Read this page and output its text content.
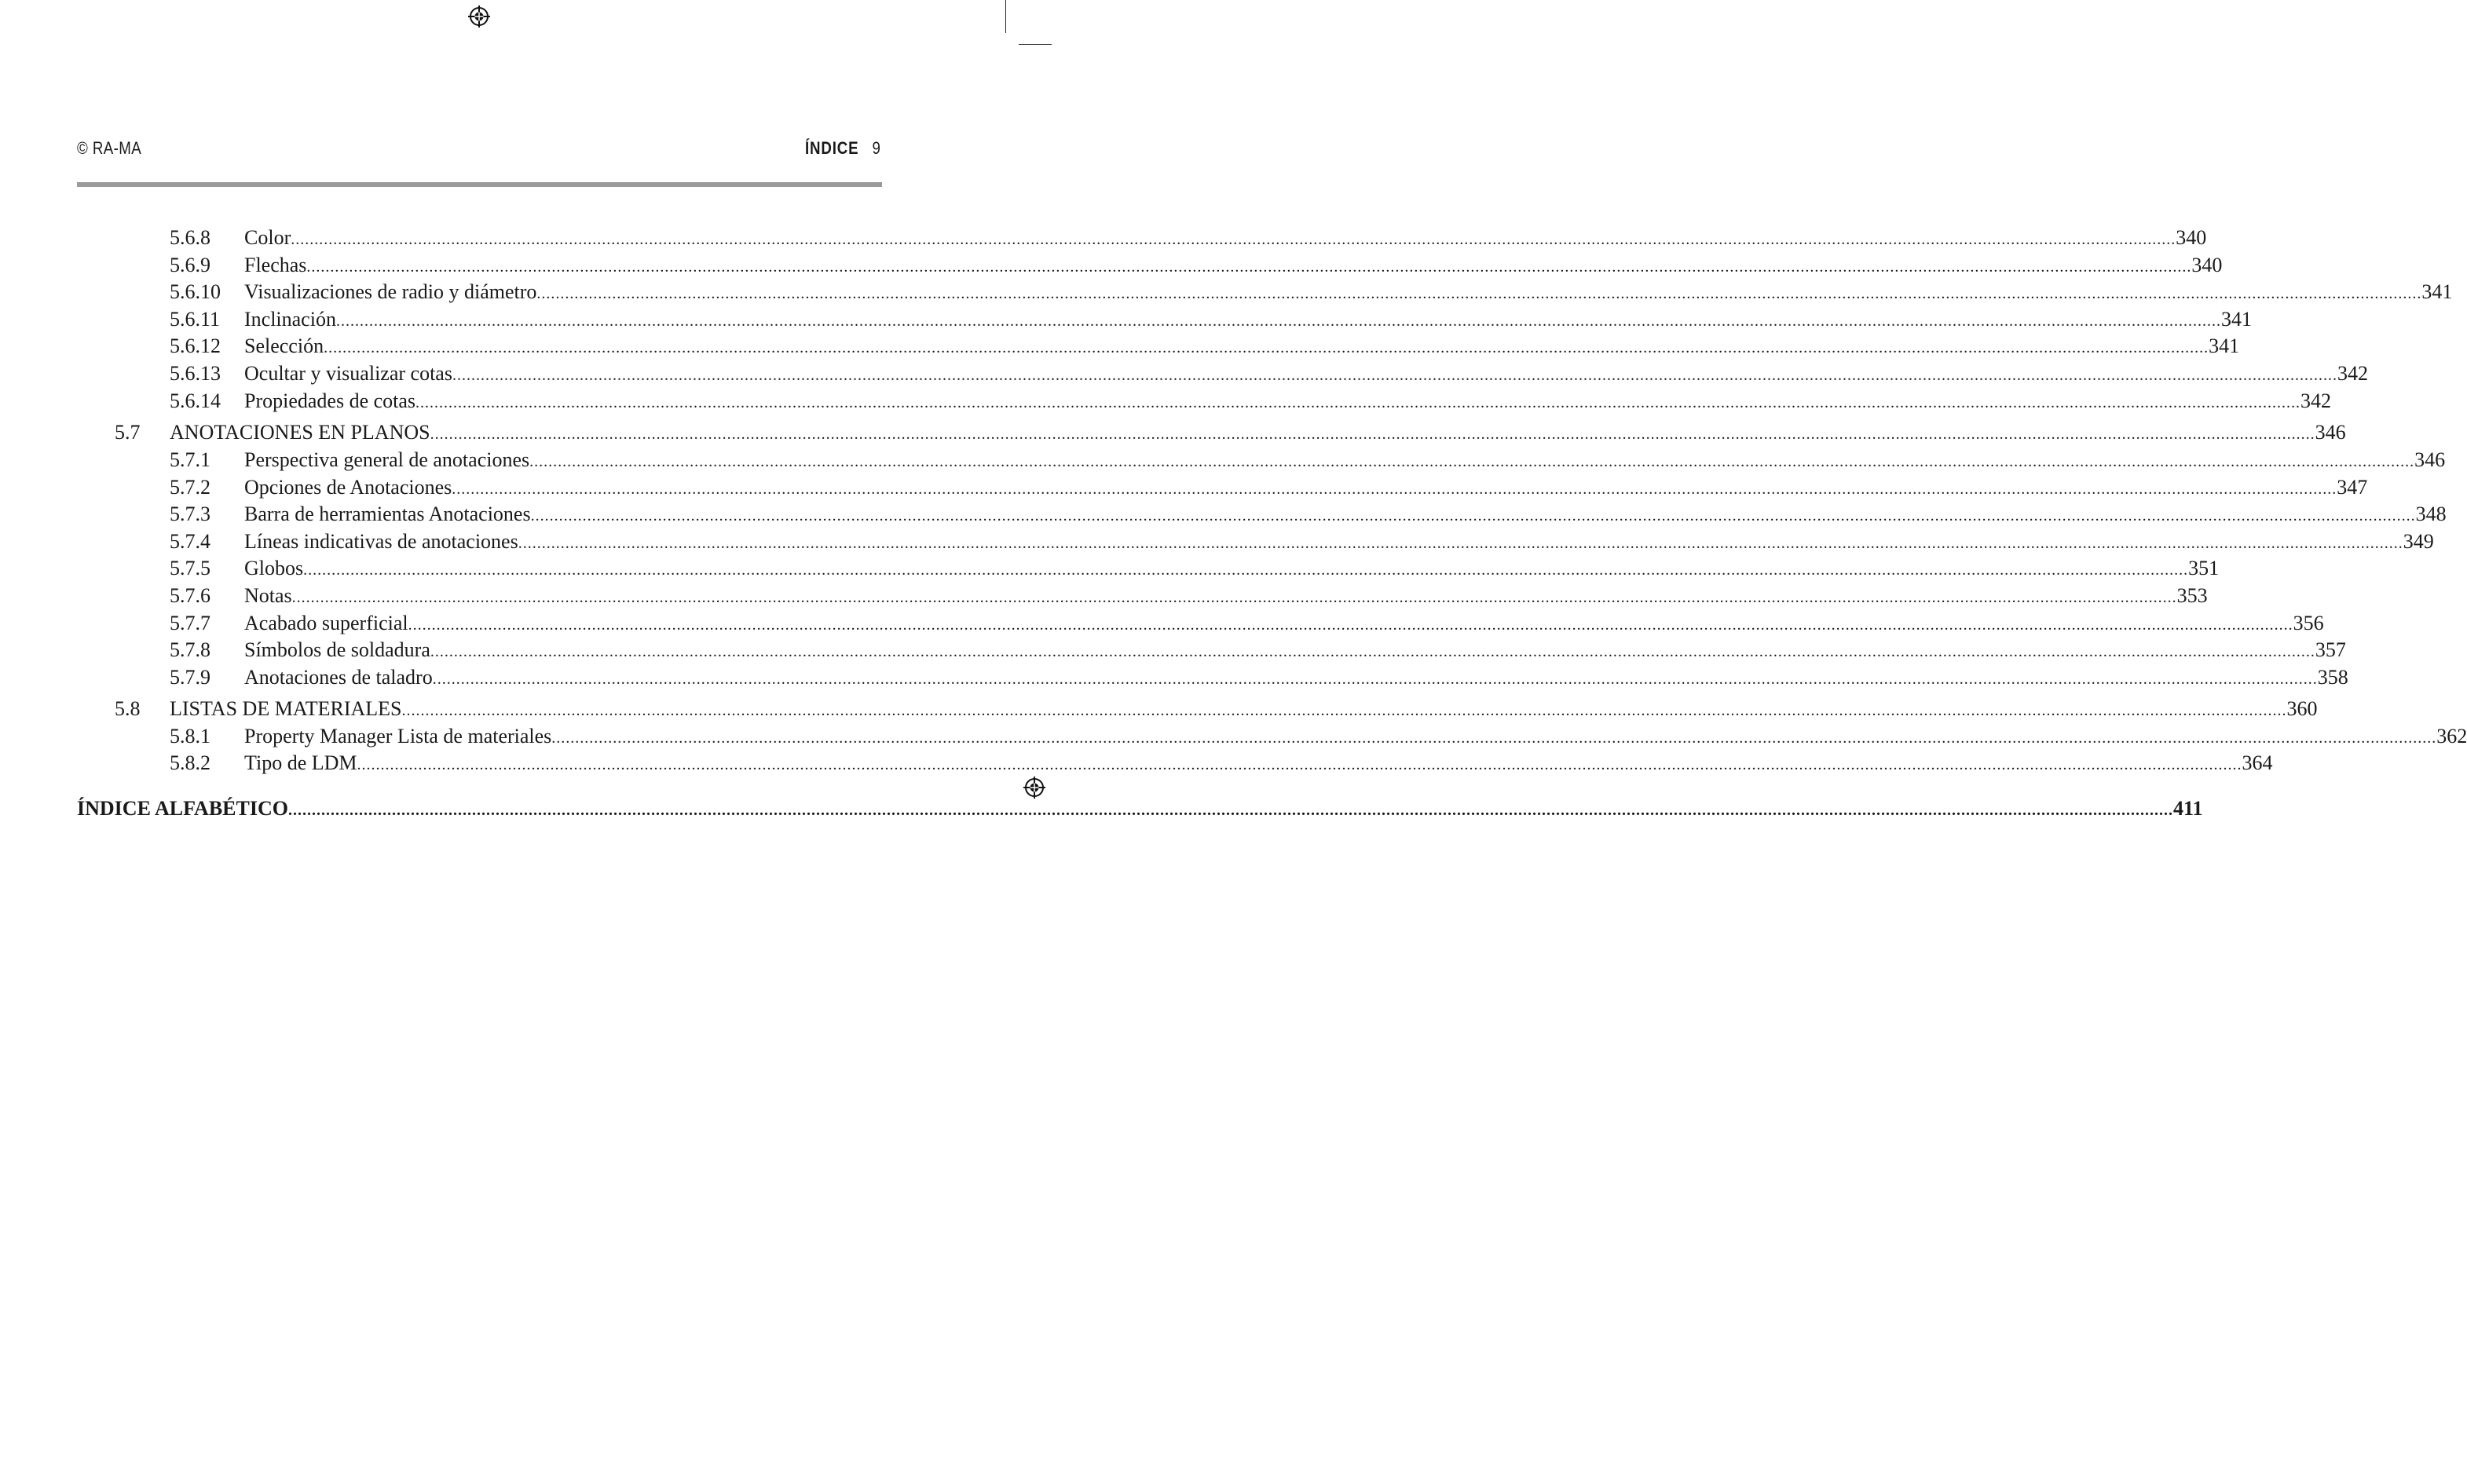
© RA-MA	ÍNDICE 9
5.6.8 Color ................................................................................................................................................................................................................................................................................................................................................................................................................ 340
5.6.9 Flechas ................................................................................................................................................................................................................................................................................................................................................................................................................ 340
5.6.10 Visualizaciones de radio y diámetro ................................................................................................................................................................................................................................................................................................................................................................................................................ 341
5.6.11 Inclinación ................................................................................................................................................................................................................................................................................................................................................................................................................ 341
5.6.12 Selección ................................................................................................................................................................................................................................................................................................................................................................................................................ 341
5.6.13 Ocultar y visualizar cotas ................................................................................................................................................................................................................................................................................................................................................................................................................ 342
5.6.14 Propiedades de cotas ................................................................................................................................................................................................................................................................................................................................................................................................................ 342
5.7 ANOTACIONES EN PLANOS ................................................................................................................................................................................................................................................................................................................................................................................................................ 346
5.7.1 Perspectiva general de anotaciones ................................................................................................................................................................................................................................................................................................................................................................................................................ 346
5.7.2 Opciones de Anotaciones ................................................................................................................................................................................................................................................................................................................................................................................................................ 347
5.7.3 Barra de herramientas Anotaciones ................................................................................................................................................................................................................................................................................................................................................................................................................ 348
5.7.4 Líneas indicativas de anotaciones ................................................................................................................................................................................................................................................................................................................................................................................................................ 349
5.7.5 Globos ................................................................................................................................................................................................................................................................................................................................................................................................................ 351
5.7.6 Notas ................................................................................................................................................................................................................................................................................................................................................................................................................ 353
5.7.7 Acabado superficial ................................................................................................................................................................................................................................................................................................................................................................................................................ 356
5.7.8 Símbolos de soldadura ................................................................................................................................................................................................................................................................................................................................................................................................................ 357
5.7.9 Anotaciones de taladro ................................................................................................................................................................................................................................................................................................................................................................................................................ 358
5.8 LISTAS DE MATERIALES ................................................................................................................................................................................................................................................................................................................................................................................................................ 360
5.8.1 Property Manager Lista de materiales ................................................................................................................................................................................................................................................................................................................................................................................................................ 362
5.8.2 Tipo de LDM ................................................................................................................................................................................................................................................................................................................................................................................................................ 364
ÍNDICE ALFABÉTICO ................................................................................................................................................................................................................................................................................................................................................................................................................ 411
